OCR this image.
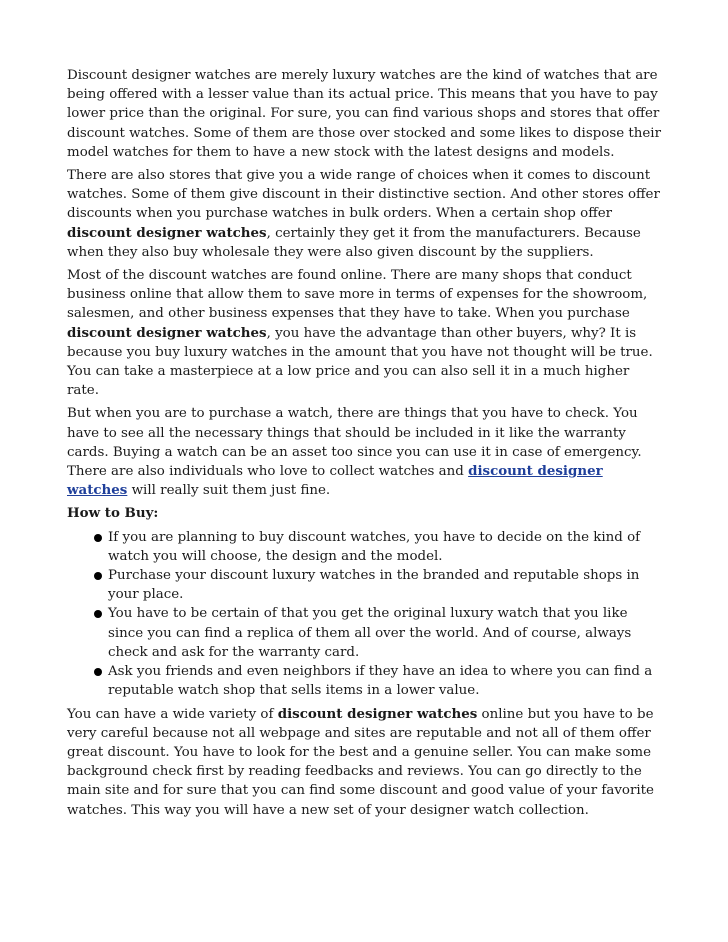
Discount designer watches are merely luxury watches are the kind of watches that are being offered with a lesser value than its actual price. This means that you have to pay lower price than the original. For sure, you can find various shops and stores that offer discount watches. Some of them are those over stocked and some likes to dispose their model watches for them to have a new stock with the latest designs and models.

There are also stores that give you a wide range of choices when it comes to discount watches. Some of them give discount in their distinctive section. And other stores offer discounts when you purchase watches in bulk orders. When a certain shop offer discount designer watches, certainly they get it from the manufacturers. Because when they also buy wholesale they were also given discount by the suppliers.

Most of the discount watches are found online. There are many shops that conduct business online that allow them to save more in terms of expenses for the showroom, salesmen, and other business expenses that they have to take. When you purchase discount designer watches, you have the advantage than other buyers, why? It is because you buy luxury watches in the amount that you have not thought will be true. You can take a masterpiece at a low price and you can also sell it in a much higher rate.

But when you are to purchase a watch, there are things that you have to check. You have to see all the necessary things that should be included in it like the warranty cards. Buying a watch can be an asset too since you can use it in case of emergency. There are also individuals who love to collect watches and discount designer watches will really suit them just fine.

How to Buy:
If you are planning to buy discount watches, you have to decide on the kind of watch you will choose, the design and the model.
Purchase your discount luxury watches in the branded and reputable shops in your place.
You have to be certain of that you get the original luxury watch that you like since you can find a replica of them all over the world. And of course, always check and ask for the warranty card.
Ask you friends and even neighbors if they have an idea to where you can find a reputable watch shop that sells items in a lower value.

You can have a wide variety of discount designer watches online but you have to be very careful because not all webpage and sites are reputable and not all of them offer great discount. You have to look for the best and a genuine seller. You can make some background check first by reading feedbacks and reviews. You can go directly to the main site and for sure that you can find some discount and good value of your favorite watches. This way you will have a new set of your designer watch collection.
